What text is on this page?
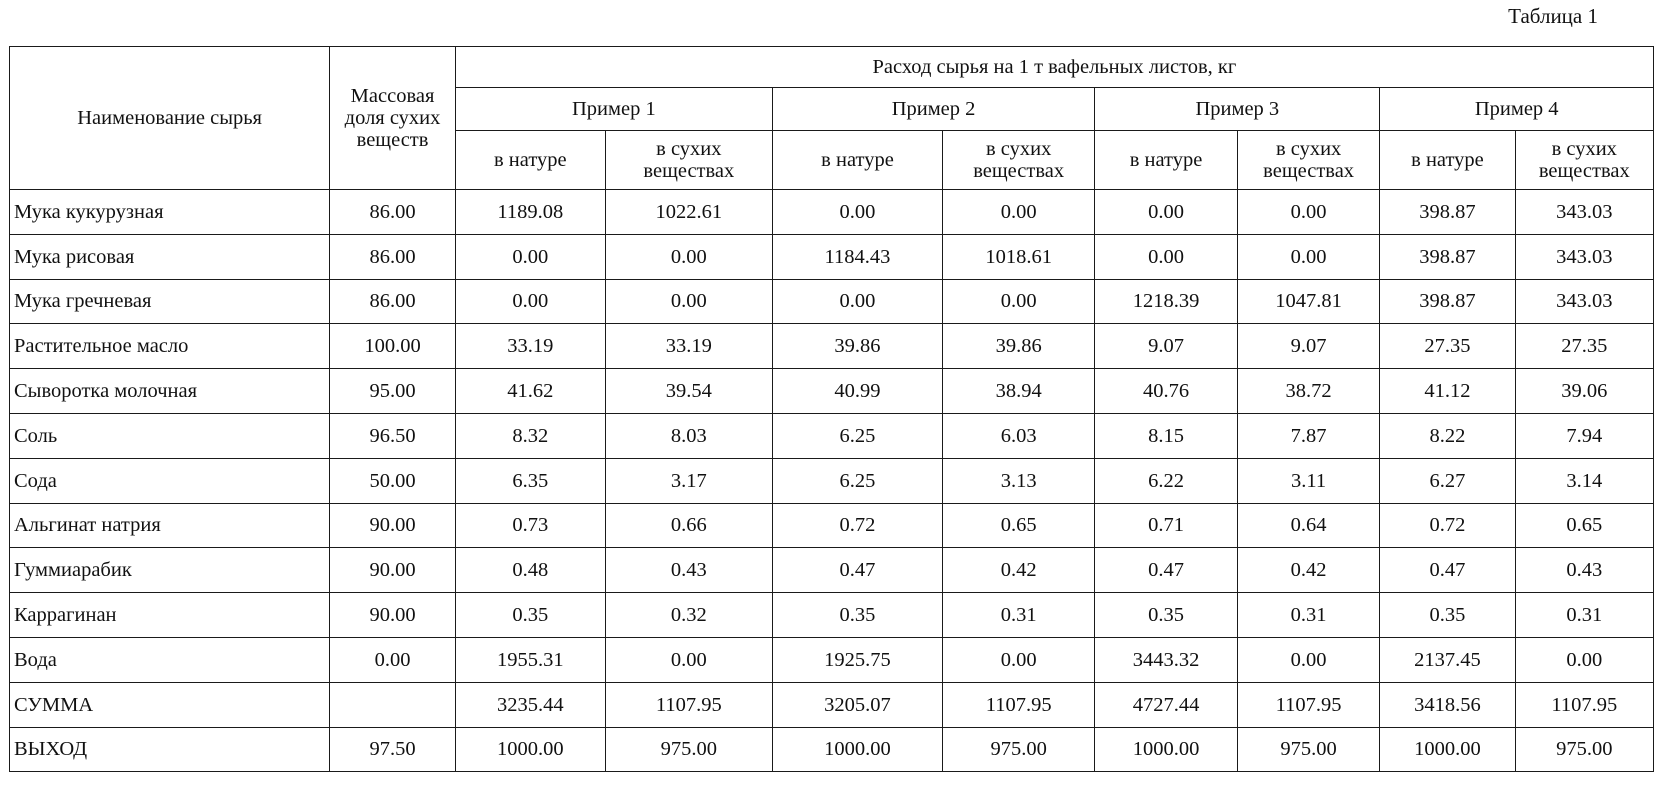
Таблица 1
Наименование сырья	Массовая доля сухих веществ	Расход сырья на 1 т вафельных листов, кг							
		Пример 1		Пример 2		Пример 3		Пример 4	
		в натуре	в сухих веществах	в натуре	в сухих веществах	в натуре	в сухих веществах	в натуре	в сухих веществах
Мука кукурузная	86.00	1189.08	1022.61	0.00	0.00	0.00	0.00	398.87	343.03
Мука рисовая	86.00	0.00	0.00	1184.43	1018.61	0.00	0.00	398.87	343.03
Мука гречневая	86.00	0.00	0.00	0.00	0.00	1218.39	1047.81	398.87	343.03
Растительное масло	100.00	33.19	33.19	39.86	39.86	9.07	9.07	27.35	27.35
Сыворотка молочная	95.00	41.62	39.54	40.99	38.94	40.76	38.72	41.12	39.06
Соль	96.50	8.32	8.03	6.25	6.03	8.15	7.87	8.22	7.94
Сода	50.00	6.35	3.17	6.25	3.13	6.22	3.11	6.27	3.14
Альгинат натрия	90.00	0.73	0.66	0.72	0.65	0.71	0.64	0.72	0.65
Гуммиарабик	90.00	0.48	0.43	0.47	0.42	0.47	0.42	0.47	0.43
Каррагинан	90.00	0.35	0.32	0.35	0.31	0.35	0.31	0.35	0.31
Вода	0.00	1955.31	0.00	1925.75	0.00	3443.32	0.00	2137.45	0.00
СУММА		3235.44	1107.95	3205.07	1107.95	4727.44	1107.95	3418.56	1107.95
ВЫХОД	97.50	1000.00	975.00	1000.00	975.00	1000.00	975.00	1000.00	975.00
